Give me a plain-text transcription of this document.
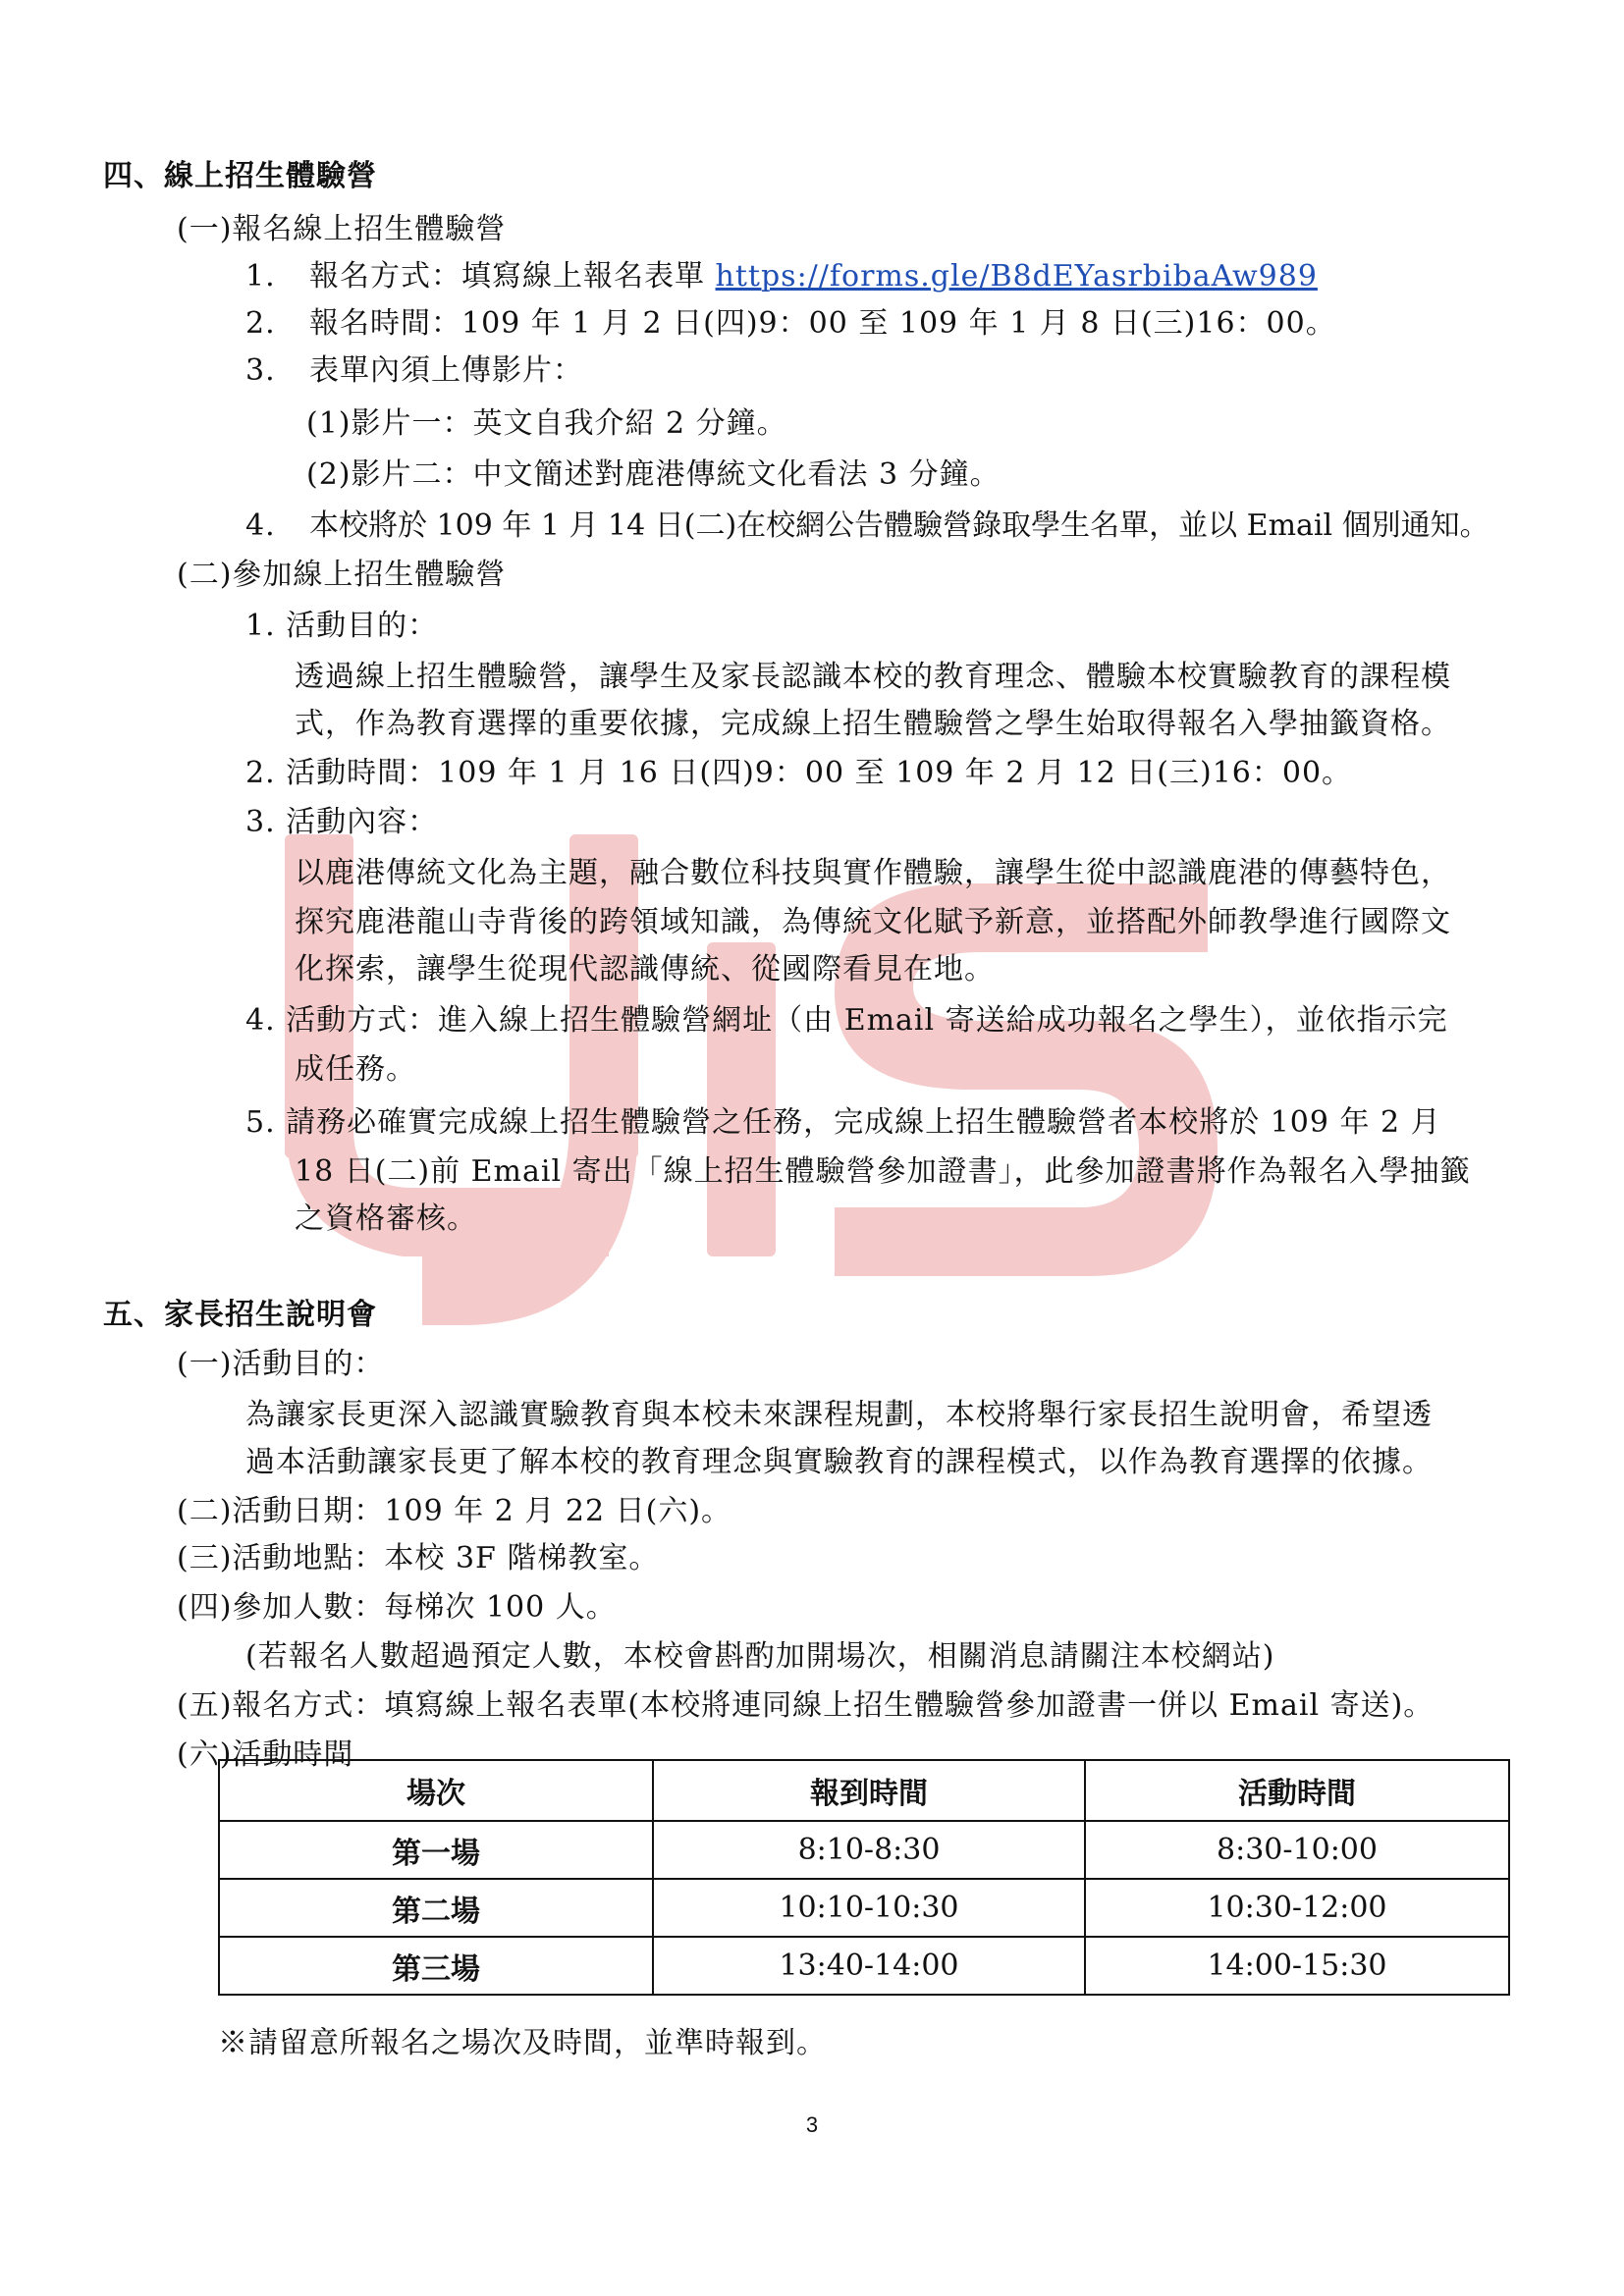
四、線上招生體驗營
(一)報名線上招生體驗營
1. 報名方式：填寫線上報名表單 https://forms.gle/B8dEYasrbibaAw989
2. 報名時間：109 年 1 月 2 日(四)9：00 至 109 年 1 月 8 日(三)16：00。
3. 表單內須上傳影片：
(1)影片一：英文自我介紹 2 分鐘。
(2)影片二：中文簡述對鹿港傳統文化看法 3 分鐘。
4. 本校將於 109 年 1 月 14 日(二)在校網公告體驗營錄取學生名單，並以 Email 個別通知。
(二)參加線上招生體驗營
1. 活動目的：
透過線上招生體驗營，讓學生及家長認識本校的教育理念、體驗本校實驗教育的課程模
式，作為教育選擇的重要依據，完成線上招生體驗營之學生始取得報名入學抽籤資格。
2. 活動時間：109 年 1 月 16 日(四)9：00 至 109 年 2 月 12 日(三)16：00。
3. 活動內容：
以鹿港傳統文化為主題，融合數位科技與實作體驗，讓學生從中認識鹿港的傳藝特色，
探究鹿港龍山寺背後的跨領域知識，為傳統文化賦予新意，並搭配外師教學進行國際文
化探索，讓學生從現代認識傳統、從國際看見在地。
4. 活動方式：進入線上招生體驗營網址（由 Email 寄送給成功報名之學生），並依指示完
成任務。
5. 請務必確實完成線上招生體驗營之任務，完成線上招生體驗營者本校將於 109 年 2 月
18 日(二)前 Email 寄出「線上招生體驗營參加證書」，此參加證書將作為報名入學抽籤
之資格審核。
五、家長招生說明會
(一)活動目的：
為讓家長更深入認識實驗教育與本校未來課程規劃，本校將舉行家長招生說明會，希望透
過本活動讓家長更了解本校的教育理念與實驗教育的課程模式，以作為教育選擇的依據。
(二)活動日期：109 年 2 月 22 日(六)。
(三)活動地點：本校 3F 階梯教室。
(四)參加人數：每梯次 100 人。
(若報名人數超過預定人數，本校會斟酌加開場次，相關消息請關注本校網站)
(五)報名方式：填寫線上報名表單(本校將連同線上招生體驗營參加證書一併以 Email 寄送)。
(六)活動時間
場次	報到時間	活動時間
第一場	8:10-8:30	8:30-10:00
第二場	10:10-10:30	10:30-12:00
第三場	13:40-14:00	14:00-15:30
※請留意所報名之場次及時間，並準時報到。
3
